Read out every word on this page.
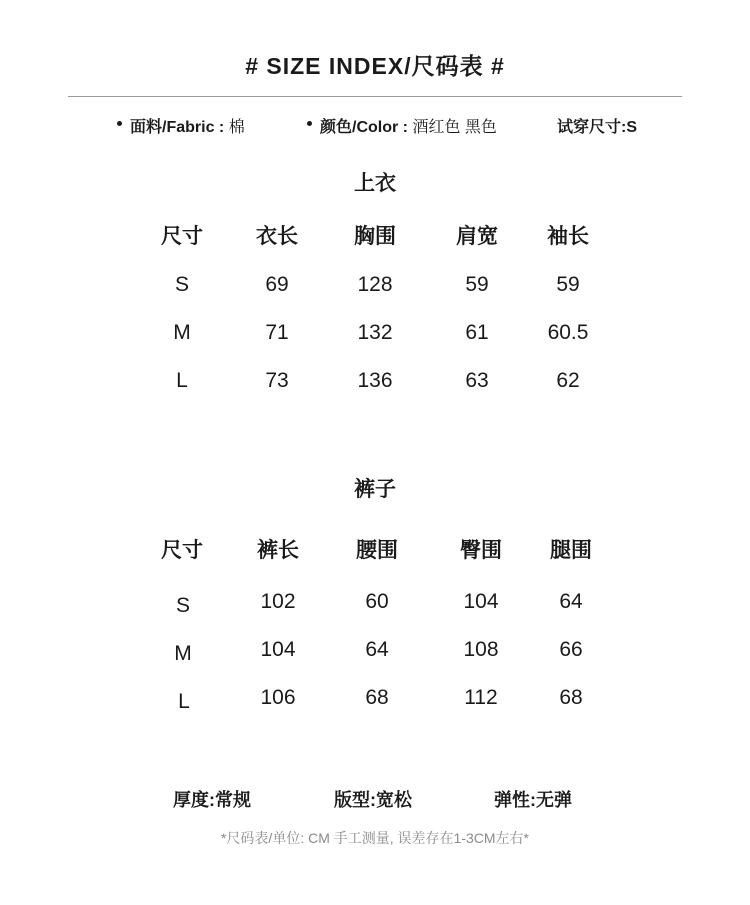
# SIZE INDEX/尺码表 #
面料/Fabric : 棉	颜色/Color : 酒红色 黑色	试穿尺寸:S
上衣
尺寸	衣长	胸围	肩宽	袖长
S	69	128	59	59
M	71	132	61	60.5
L	73	136	63	62
裤子
尺寸	裤长	腰围	臀围	腿围
S	102	60	104	64
M	104	64	108	66
L	106	68	112	68
厚度:常规	版型:宽松	弹性:无弹
*尺码表/单位: CM 手工测量, 误差存在1-3CM左右*
